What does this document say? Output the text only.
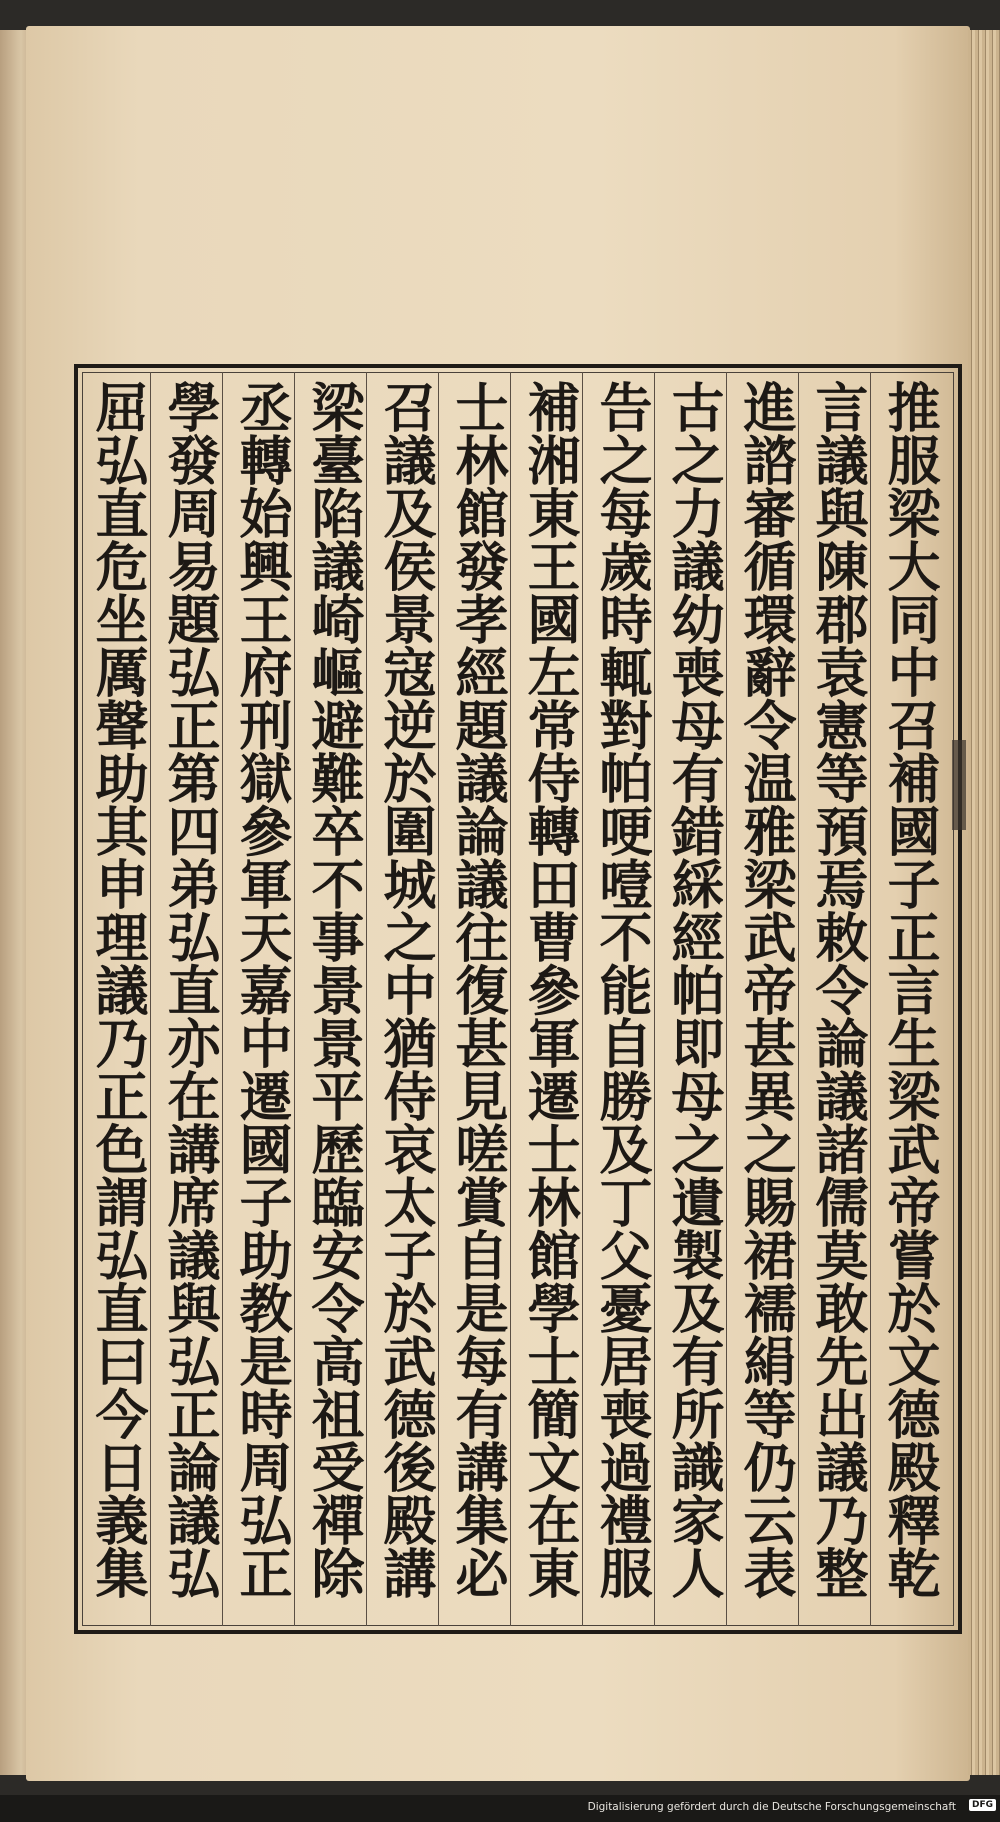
推服梁大同中召補國子正言生梁武帝嘗於文德殿釋乾
言議與陳郡袁憲等預焉敕令論議諸儒莫敢先出議乃整
進諮審循環辭令温雅梁武帝甚異之賜裙襦絹等仍云表
古之力議幼喪母有錯綵經帕即母之遺製及有所識家人
告之每歲時輒對帕哽噎不能自勝及丁父憂居喪過禮服
補湘東王國左常侍轉田曹參軍遷士林館學士簡文在東
士林館發孝經題議論議往復甚見嗟賞自是每有講集必
召議及侯景寇逆於圍城之中猶侍哀太子於武德後殿講
梁臺陷議崎嶇避難卒不事景景平歷臨安令高祖受禪除
丞轉始興王府刑獄參軍天嘉中遷國子助教是時周弘正
學發周易題弘正第四弟弘直亦在講席議與弘正論議弘
屈弘直危坐厲聲助其申理議乃正色謂弘直曰今日義集
Digitalisierung gefördert durch die Deutsche Forschungsgemeinschaft	DFG
